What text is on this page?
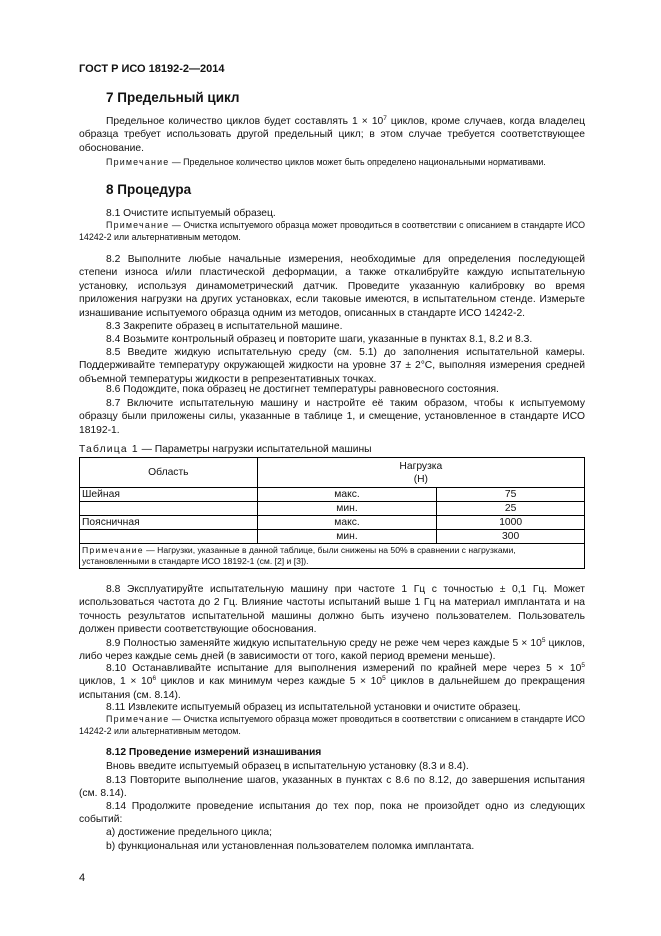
ГОСТ Р ИСО 18192-2—2014
7 Предельный цикл
Предельное количество циклов будет составлять $1 \times 10^7$ циклов, кроме случаев, когда владелец образца требует использовать другой предельный цикл; в этом случае требуется соответствующее обоснование.
Примечание — Предельное количество циклов может быть определено национальными нормативами.
8 Процедура
8.1 Очистите испытуемый образец.
Примечание — Очистка испытуемого образца может проводиться в соответствии с описанием в стандарте ИСО 14242-2 или альтернативным методом.
8.2 Выполните любые начальные измерения, необходимые для определения последующей степени износа и/или пластической деформации, а также откалибруйте каждую испытательную установку, используя динамометрический датчик. Проведите указанную калибровку во время приложения нагрузки на других установках, если таковые имеются, в испытательном стенде. Измерьте изнашивание испытуемого образца одним из методов, описанных в стандарте ИСО 14242-2.
8.3 Закрепите образец в испытательной машине.
8.4 Возьмите контрольный образец и повторите шаги, указанные в пунктах 8.1, 8.2 и 8.3.
8.5 Введите жидкую испытательную среду (см. 5.1) до заполнения испытательной камеры. Поддерживайте температуру окружающей жидкости на уровне 37 ± 2°С, выполняя измерения средней объемной температуры жидкости в репрезентативных точках.
8.6 Подождите, пока образец не достигнет температуры равновесного состояния.
8.7 Включите испытательную машину и настройте её таким образом, чтобы к испытуемому образцу были приложены силы, указанные в таблице 1, и смещение, установленное в стандарте ИСО 18192-1.
Таблица 1 — Параметры нагрузки испытательной машины
Область	Нагрузка
(Н)	

Шейная	макс.	75
	мин.	25
Поясничная	макс.	1000
	мин.	300
Примечание — Нагрузки, указанные в данной таблице, были снижены на 50% в сравнении с нагрузками, установленными в стандарте ИСО 18192-1 (см. [2] и [3]).		
8.8 Эксплуатируйте испытательную машину при частоте 1 Гц с точностью ± 0,1 Гц. Может использоваться частота до 2 Гц. Влияние частоты испытаний выше 1 Гц на материал имплантата и на точность результатов испытательной машины должно быть изучено пользователем. Пользователь должен привести соответствующие обоснования.
8.9 Полностью заменяйте жидкую испытательную среду не реже чем через каждые $5 \times 10^5$ циклов, либо через каждые семь дней (в зависимости от того, какой период времени меньше).
8.10 Останавливайте испытание для выполнения измерений по крайней мере через $5 \times 10^5$ циклов, $1 \times 10^6$ циклов и как минимум через каждые $5 \times 10^5$ циклов в дальнейшем до прекращения испытания (см. 8.14).
8.11 Извлеките испытуемый образец из испытательной установки и очистите образец.
Примечание — Очистка испытуемого образца может проводиться в соответствии с описанием в стандарте ИСО 14242-2 или альтернативным методом.
8.12 Проведение измерений изнашивания
Вновь введите испытуемый образец в испытательную установку (8.3 и 8.4).
8.13 Повторите выполнение шагов, указанных в пунктах с 8.6 по 8.12, до завершения испытания (см. 8.14).
8.14 Продолжите проведение испытания до тех пор, пока не произойдет одно из следующих событий:
а) достижение предельного цикла;
b) функциональная или установленная пользователем поломка имплантата.
4
